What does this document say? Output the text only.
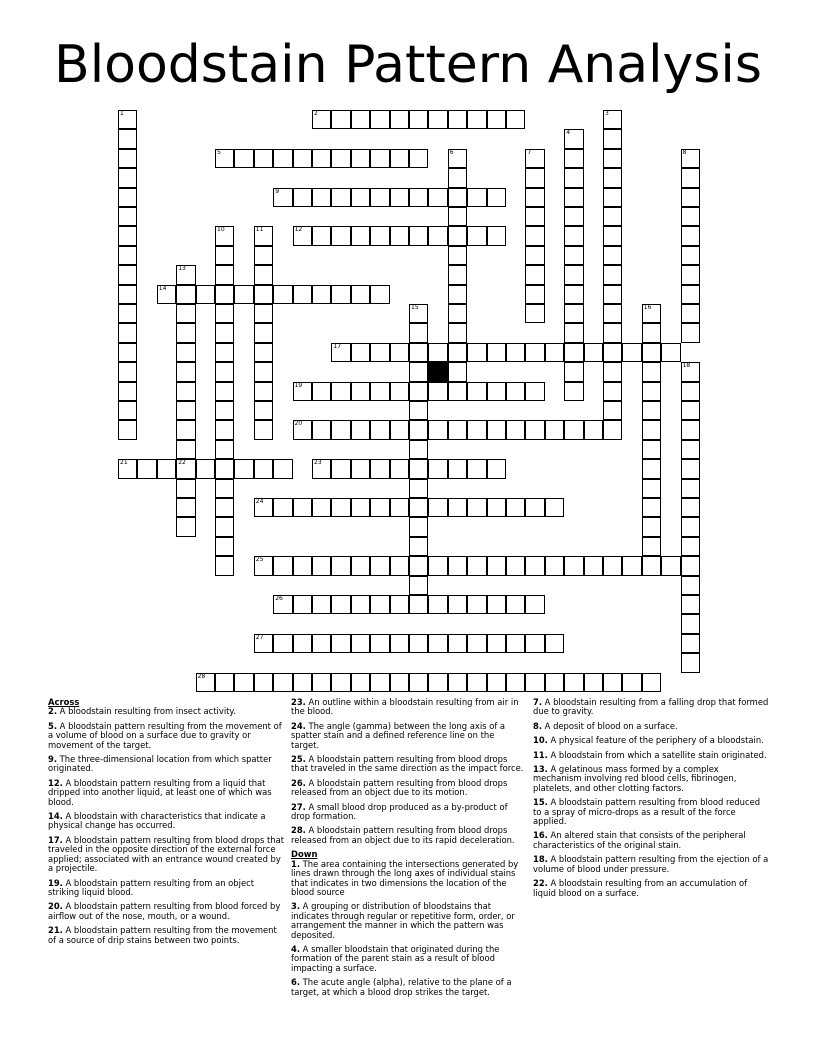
Bloodstain Pattern Analysis
1	2	3
4
5	6	7	8
9
10	11	12
13
14
15	16
17
18
19
20
21	22	23
24
25
26
27
28
Across

2. A bloodstain resulting from insect activity.

5. A bloodstain pattern resulting from the movement of a volume of blood on a surface due to gravity or movement of the target.

9. The three-dimensional location from which spatter originated.

12. A bloodstain pattern resulting from a liquid that dripped into another liquid, at least one of which was blood.

14. A bloodstain with characteristics that indicate a physical change has occurred.

17. A bloodstain pattern resulting from blood drops that traveled in the opposite direction of the external force applied; associated with an entrance wound created by a projectile.

19. A bloodstain pattern resulting from an object striking liquid blood.

20. A bloodstain pattern resulting from blood forced by airflow out of the nose, mouth, or a wound.

21. A bloodstain pattern resulting from the movement of a source of drip stains between two points.

23. An outline within a bloodstain resulting from air in the blood.

24. The angle (gamma) between the long axis of a spatter stain and a defined reference line on the target.

25. A bloodstain pattern resulting from blood drops that traveled in the same direction as the impact force.

26. A bloodstain pattern resulting from blood drops released from an object due to its motion.

27. A small blood drop produced as a by-product of drop formation.

28. A bloodstain pattern resulting from blood drops released from an object due to its rapid deceleration.

Down

1. The area containing the intersections generated by lines drawn through the long axes of individual stains that indicates in two dimensions the location of the blood source

3. A grouping or distribution of bloodstains that indicates through regular or repetitive form, order, or arrangement the manner in which the pattern was deposited.

4. A smaller bloodstain that originated during the formation of the parent stain as a result of blood impacting a surface.

6. The acute angle (alpha), relative to the plane of a target, at which a blood drop strikes the target.

7. A bloodstain resulting from a falling drop that formed due to gravity.

8. A deposit of blood on a surface.

10. A physical feature of the periphery of a bloodstain.

11. A bloodstain from which a satellite stain originated.

13. A gelatinous mass formed by a complex mechanism involving red blood cells, fibrinogen, platelets, and other clotting factors.

15. A bloodstain pattern resulting from blood reduced to a spray of micro-drops as a result of the force applied.

16. An altered stain that consists of the peripheral characteristics of the original stain.

18. A bloodstain pattern resulting from the ejection of a volume of blood under pressure.

22. A bloodstain resulting from an accumulation of liquid blood on a surface.
